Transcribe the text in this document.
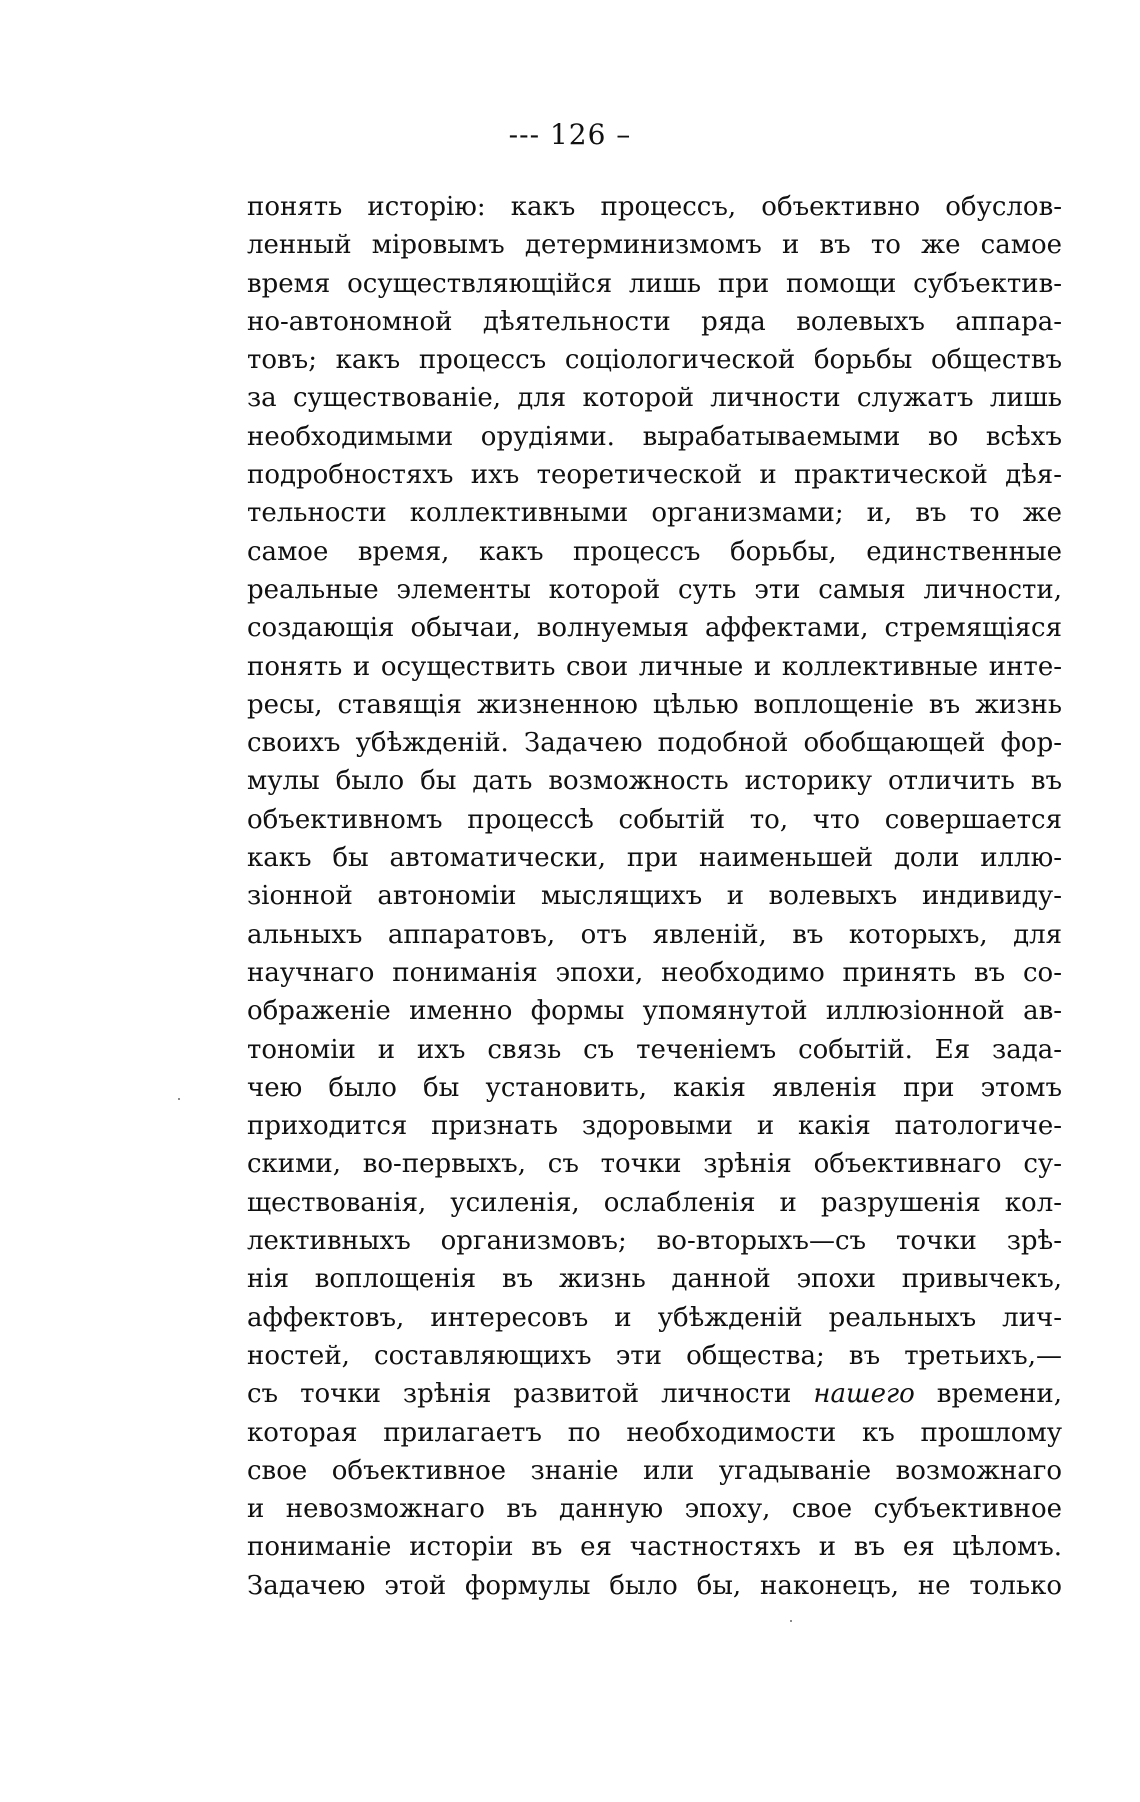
--- 126 –
понять исторію: какъ процессъ, объективно обуслов-
ленный міровымъ детерминизмомъ и въ то же самое
время осуществляющійся лишь при помощи субъектив-
но-автономной дѣятельности ряда волевыхъ аппара-
товъ; какъ процессъ соціологической борьбы обществъ
за существованіе, для которой личности служатъ лишь
необходимыми орудіями. вырабатываемыми во всѣхъ
подробностяхъ ихъ теоретической и практической дѣя-
тельности коллективными организмами; и, въ то же
самое время, какъ процессъ борьбы, единственные
реальные элементы которой суть эти самыя личности,
создающія обычаи, волнуемыя аффектами, стремящіяся
понять и осуществить свои личные и коллективные инте-
ресы, ставящія жизненною цѣлью воплощеніе въ жизнь
своихъ убѣжденій. Задачею подобной обобщающей фор-
мулы было бы дать возможность историку отличить въ
объективномъ процессѣ событій то, что совершается
какъ бы автоматически, при наименьшей доли иллю-
зіонной автономіи мыслящихъ и волевыхъ индивиду-
альныхъ аппаратовъ, отъ явленій, въ которыхъ, для
научнаго пониманія эпохи, необходимо принять въ со-
ображеніе именно формы упомянутой иллюзіонной ав-
тономіи и ихъ связь съ теченіемъ событій. Ея зада-
чею было бы установить, какія явленія при этомъ
приходится признать здоровыми и какія патологиче-
скими, во-первыхъ, съ точки зрѣнія объективнаго су-
ществованія, усиленія, ослабленія и разрушенія кол-
лективныхъ организмовъ; во-вторыхъ—съ точки зрѣ-
нія воплощенія въ жизнь данной эпохи привычекъ,
аффектовъ, интересовъ и убѣжденій реальныхъ лич-
ностей, составляющихъ эти общества; въ третьихъ,—
съ точки зрѣнія развитой личности нашего времени,
которая прилагаетъ по необходимости къ прошлому
свое объективное знаніе или угадываніе возможнаго
и невозможнаго въ данную эпоху, свое субъективное
пониманіе исторіи въ ея частностяхъ и въ ея цѣломъ.
Задачею этой формулы было бы, наконецъ, не только
